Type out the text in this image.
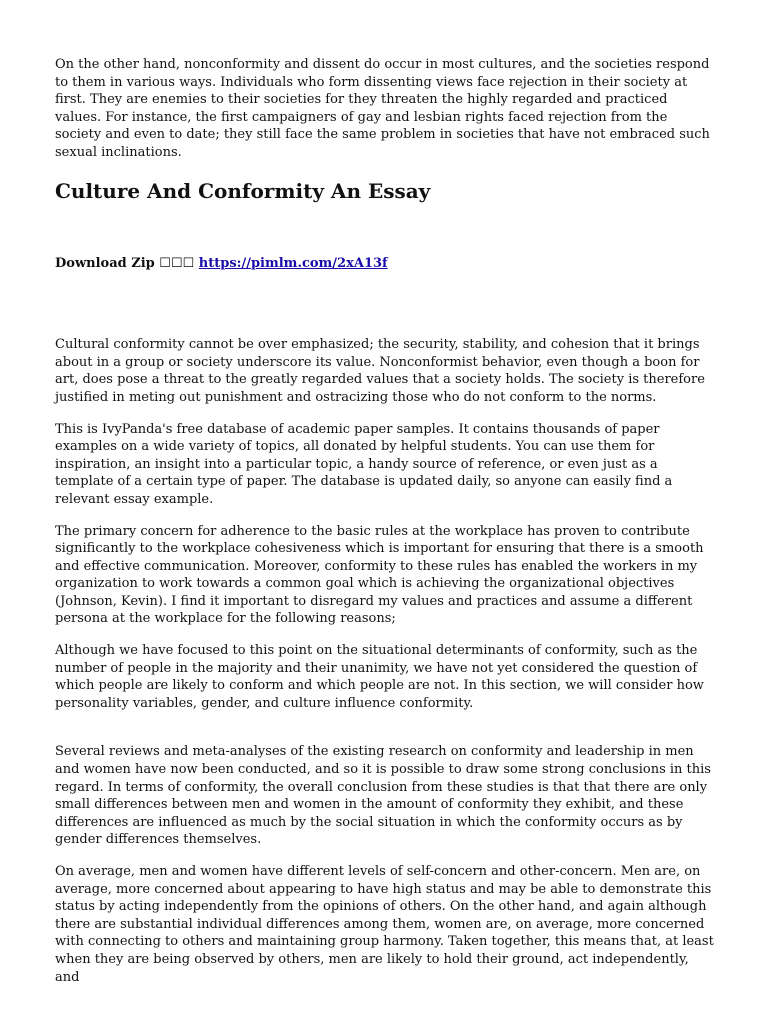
On the other hand, nonconformity and dissent do occur in most cultures, and the societies respond to them in various ways. Individuals who form dissenting views face rejection in their society at first. They are enemies to their societies for they threaten the highly regarded and practiced values. For instance, the first campaigners of gay and lesbian rights faced rejection from the society and even to date; they still face the same problem in societies that have not embraced such sexual inclinations.

Culture And Conformity An Essay
Download Zip ☐☐☐ https://pimlm.com/2xA13f

Cultural conformity cannot be over emphasized; the security, stability, and cohesion that it brings about in a group or society underscore its value. Nonconformist behavior, even though a boon for art, does pose a threat to the greatly regarded values that a society holds. The society is therefore justified in meting out punishment and ostracizing those who do not conform to the norms.

This is IvyPanda's free database of academic paper samples. It contains thousands of paper examples on a wide variety of topics, all donated by helpful students. You can use them for inspiration, an insight into a particular topic, a handy source of reference, or even just as a template of a certain type of paper. The database is updated daily, so anyone can easily find a relevant essay example.

The primary concern for adherence to the basic rules at the workplace has proven to contribute significantly to the workplace cohesiveness which is important for ensuring that there is a smooth and effective communication. Moreover, conformity to these rules has enabled the workers in my organization to work towards a common goal which is achieving the organizational objectives (Johnson, Kevin). I find it important to disregard my values and practices and assume a different persona at the workplace for the following reasons;

Although we have focused to this point on the situational determinants of conformity, such as the number of people in the majority and their unanimity, we have not yet considered the question of which people are likely to conform and which people are not. In this section, we will consider how personality variables, gender, and culture influence conformity.

Several reviews and meta-analyses of the existing research on conformity and leadership in men and women have now been conducted, and so it is possible to draw some strong conclusions in this regard. In terms of conformity, the overall conclusion from these studies is that that there are only small differences between men and women in the amount of conformity they exhibit, and these differences are influenced as much by the social situation in which the conformity occurs as by gender differences themselves.

On average, men and women have different levels of self-concern and other-concern. Men are, on average, more concerned about appearing to have high status and may be able to demonstrate this status by acting independently from the opinions of others. On the other hand, and again although there are substantial individual differences among them, women are, on average, more concerned with connecting to others and maintaining group harmony. Taken together, this means that, at least when they are being observed by others, men are likely to hold their ground, act independently, and
